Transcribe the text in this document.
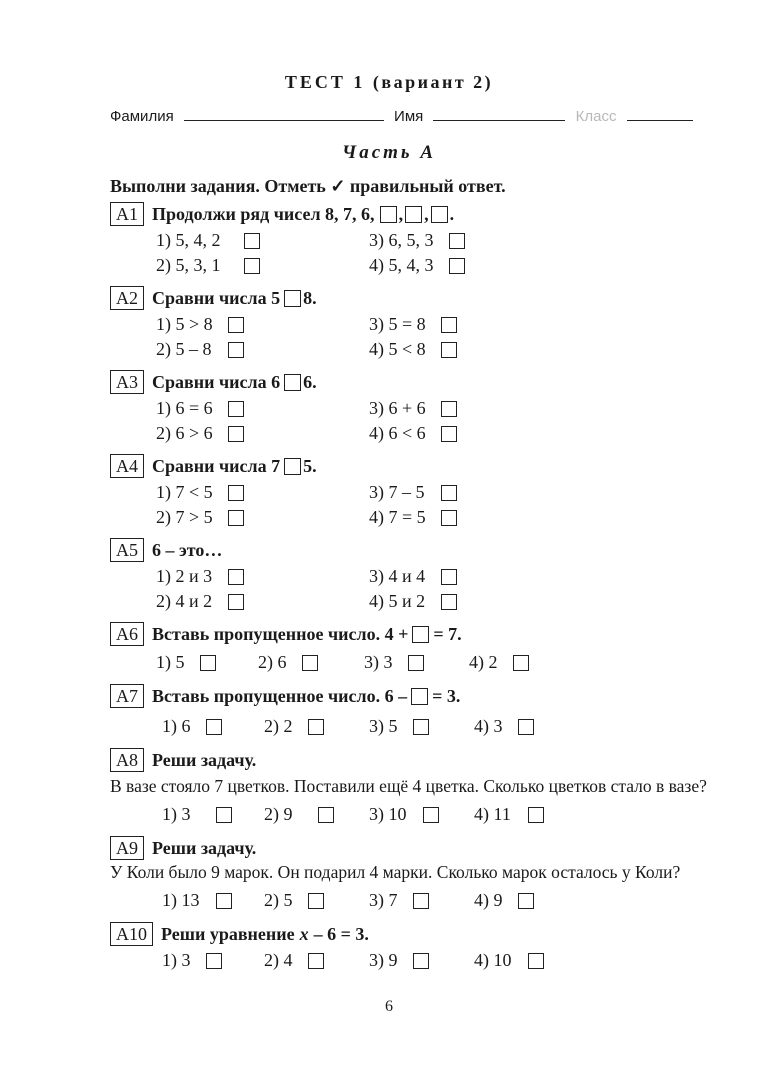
ТЕСТ 1 (вариант 2)
Фамилия	Имя	Класс
Часть А
Выполни задания. Отметь ✓ правильный ответ.
A1 Продолжи ряд чисел 8, 7, 6, , , .
1) 5, 4, 2
2) 5, 3, 1
3) 6, 5, 3
4) 5, 4, 3
A2 Сравни числа 5 8.
1) 5 > 8
2) 5 – 8
3) 5 = 8
4) 5 < 8
A3 Сравни числа 6 6.
1) 6 = 6
2) 6 > 6
3) 6 + 6
4) 6 < 6
A4 Сравни числа 7 5.
1) 7 < 5
2) 7 > 5
3) 7 – 5
4) 7 = 5
A5 6 – это…
1) 2 и 3
2) 4 и 2
3) 4 и 4
4) 5 и 2
A6 Вставь пропущенное число. 4 + = 7.
1) 5	2) 6	3) 3	4) 2
A7 Вставь пропущенное число. 6 – = 3.
1) 6	2) 2	3) 5	4) 3
A8 Реши задачу.
В вазе стояло 7 цветков. Поставили ещё 4 цветка. Сколько цветков стало в вазе?
1) 3	2) 9	3) 10	4) 11
A9 Реши задачу.
У Коли было 9 марок. Он подарил 4 марки. Сколько марок осталось у Коли?
1) 13	2) 5	3) 7	4) 9
A10 Реши уравнение x – 6 = 3.
1) 3	2) 4	3) 9	4) 10
6
